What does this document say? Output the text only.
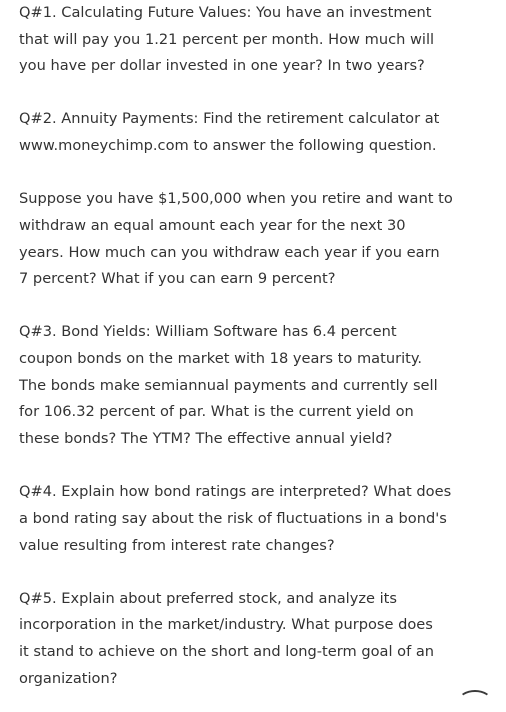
Q#1. Calculating Future Values: You have an investment
that will pay you 1.21 percent per month. How much will
you have per dollar invested in one year? In two years?
Q#2. Annuity Payments: Find the retirement calculator at
www.moneychimp.com to answer the following question.
Suppose you have $1,500,000 when you retire and want to
withdraw an equal amount each year for the next 30
years. How much can you withdraw each year if you earn
7 percent? What if you can earn 9 percent?
Q#3. Bond Yields: William Software has 6.4 percent
coupon bonds on the market with 18 years to maturity.
The bonds make semiannual payments and currently sell
for 106.32 percent of par. What is the current yield on
these bonds? The YTM? The effective annual yield?
Q#4. Explain how bond ratings are interpreted? What does
a bond rating say about the risk of fluctuations in a bond's
value resulting from interest rate changes?
Q#5. Explain about preferred stock, and analyze its
incorporation in the market/industry. What purpose does
it stand to achieve on the short and long-term goal of an
organization?
